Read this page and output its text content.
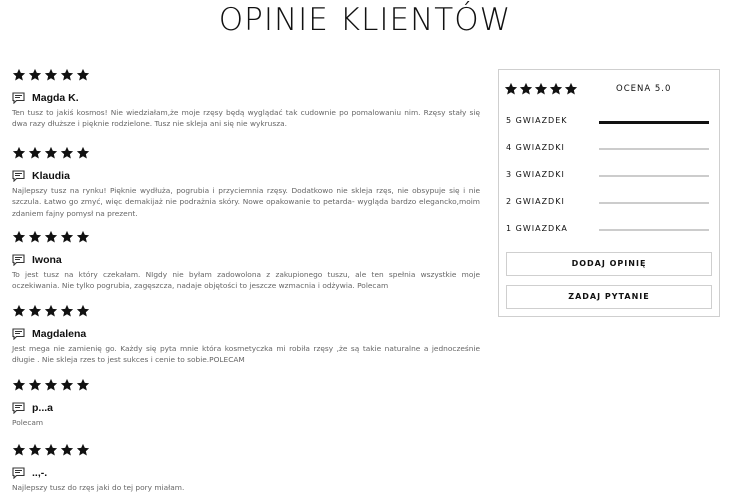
OPINIE KLIENTÓW
Magda K.
Ten tusz to jakiś kosmos! Nie wiedziałam,że moje rzęsy będą wyglądać tak cudownie po pomalowaniu nim. Rzęsy stały się dwa razy dłuższe i pięknie rodzielone. Tusz nie skleja ani się nie wykrusza.
Klaudia
Najlepszy tusz na rynku! Pięknie wydłuża, pogrubia i przyciemnia rzęsy. Dodatkowo nie skleja rzęs, nie obsypuje się i nie szczula. Łatwo go zmyć, więc demakijaż nie podrażnia skóry. Nowe opakowanie to petarda- wygląda bardzo elegancko,moim zdaniem fajny pomysł na prezent.
Iwona
To jest tusz na który czekałam. NIgdy nie byłam zadowolona z zakupionego tuszu, ale ten spełnia wszystkie moje oczekiwania. Nie tylko pogrubia, zagęszcza, nadaje objętości to jeszcze wzmacnia i odżywia. Polecam
Magdalena
Jest mega nie zamienię go. Każdy się pyta mnie która kosmetyczka mi robiła rzęsy ,że są takie naturalne a jednocześnie długie . Nie skleja rzes to jest sukces i cenie to sobie.POLECAM
p...a
Polecam
..,-.
Najlepszy tusz do rzęs jaki do tej pory miałam.
OCENA 5.0
5 GWIAZDEK
4 GWIAZDKI
3 GWIAZDKI
2 GWIAZDKI
1 GWIAZDKA
DODAJ OPINIĘ
ZADAJ PYTANIE
